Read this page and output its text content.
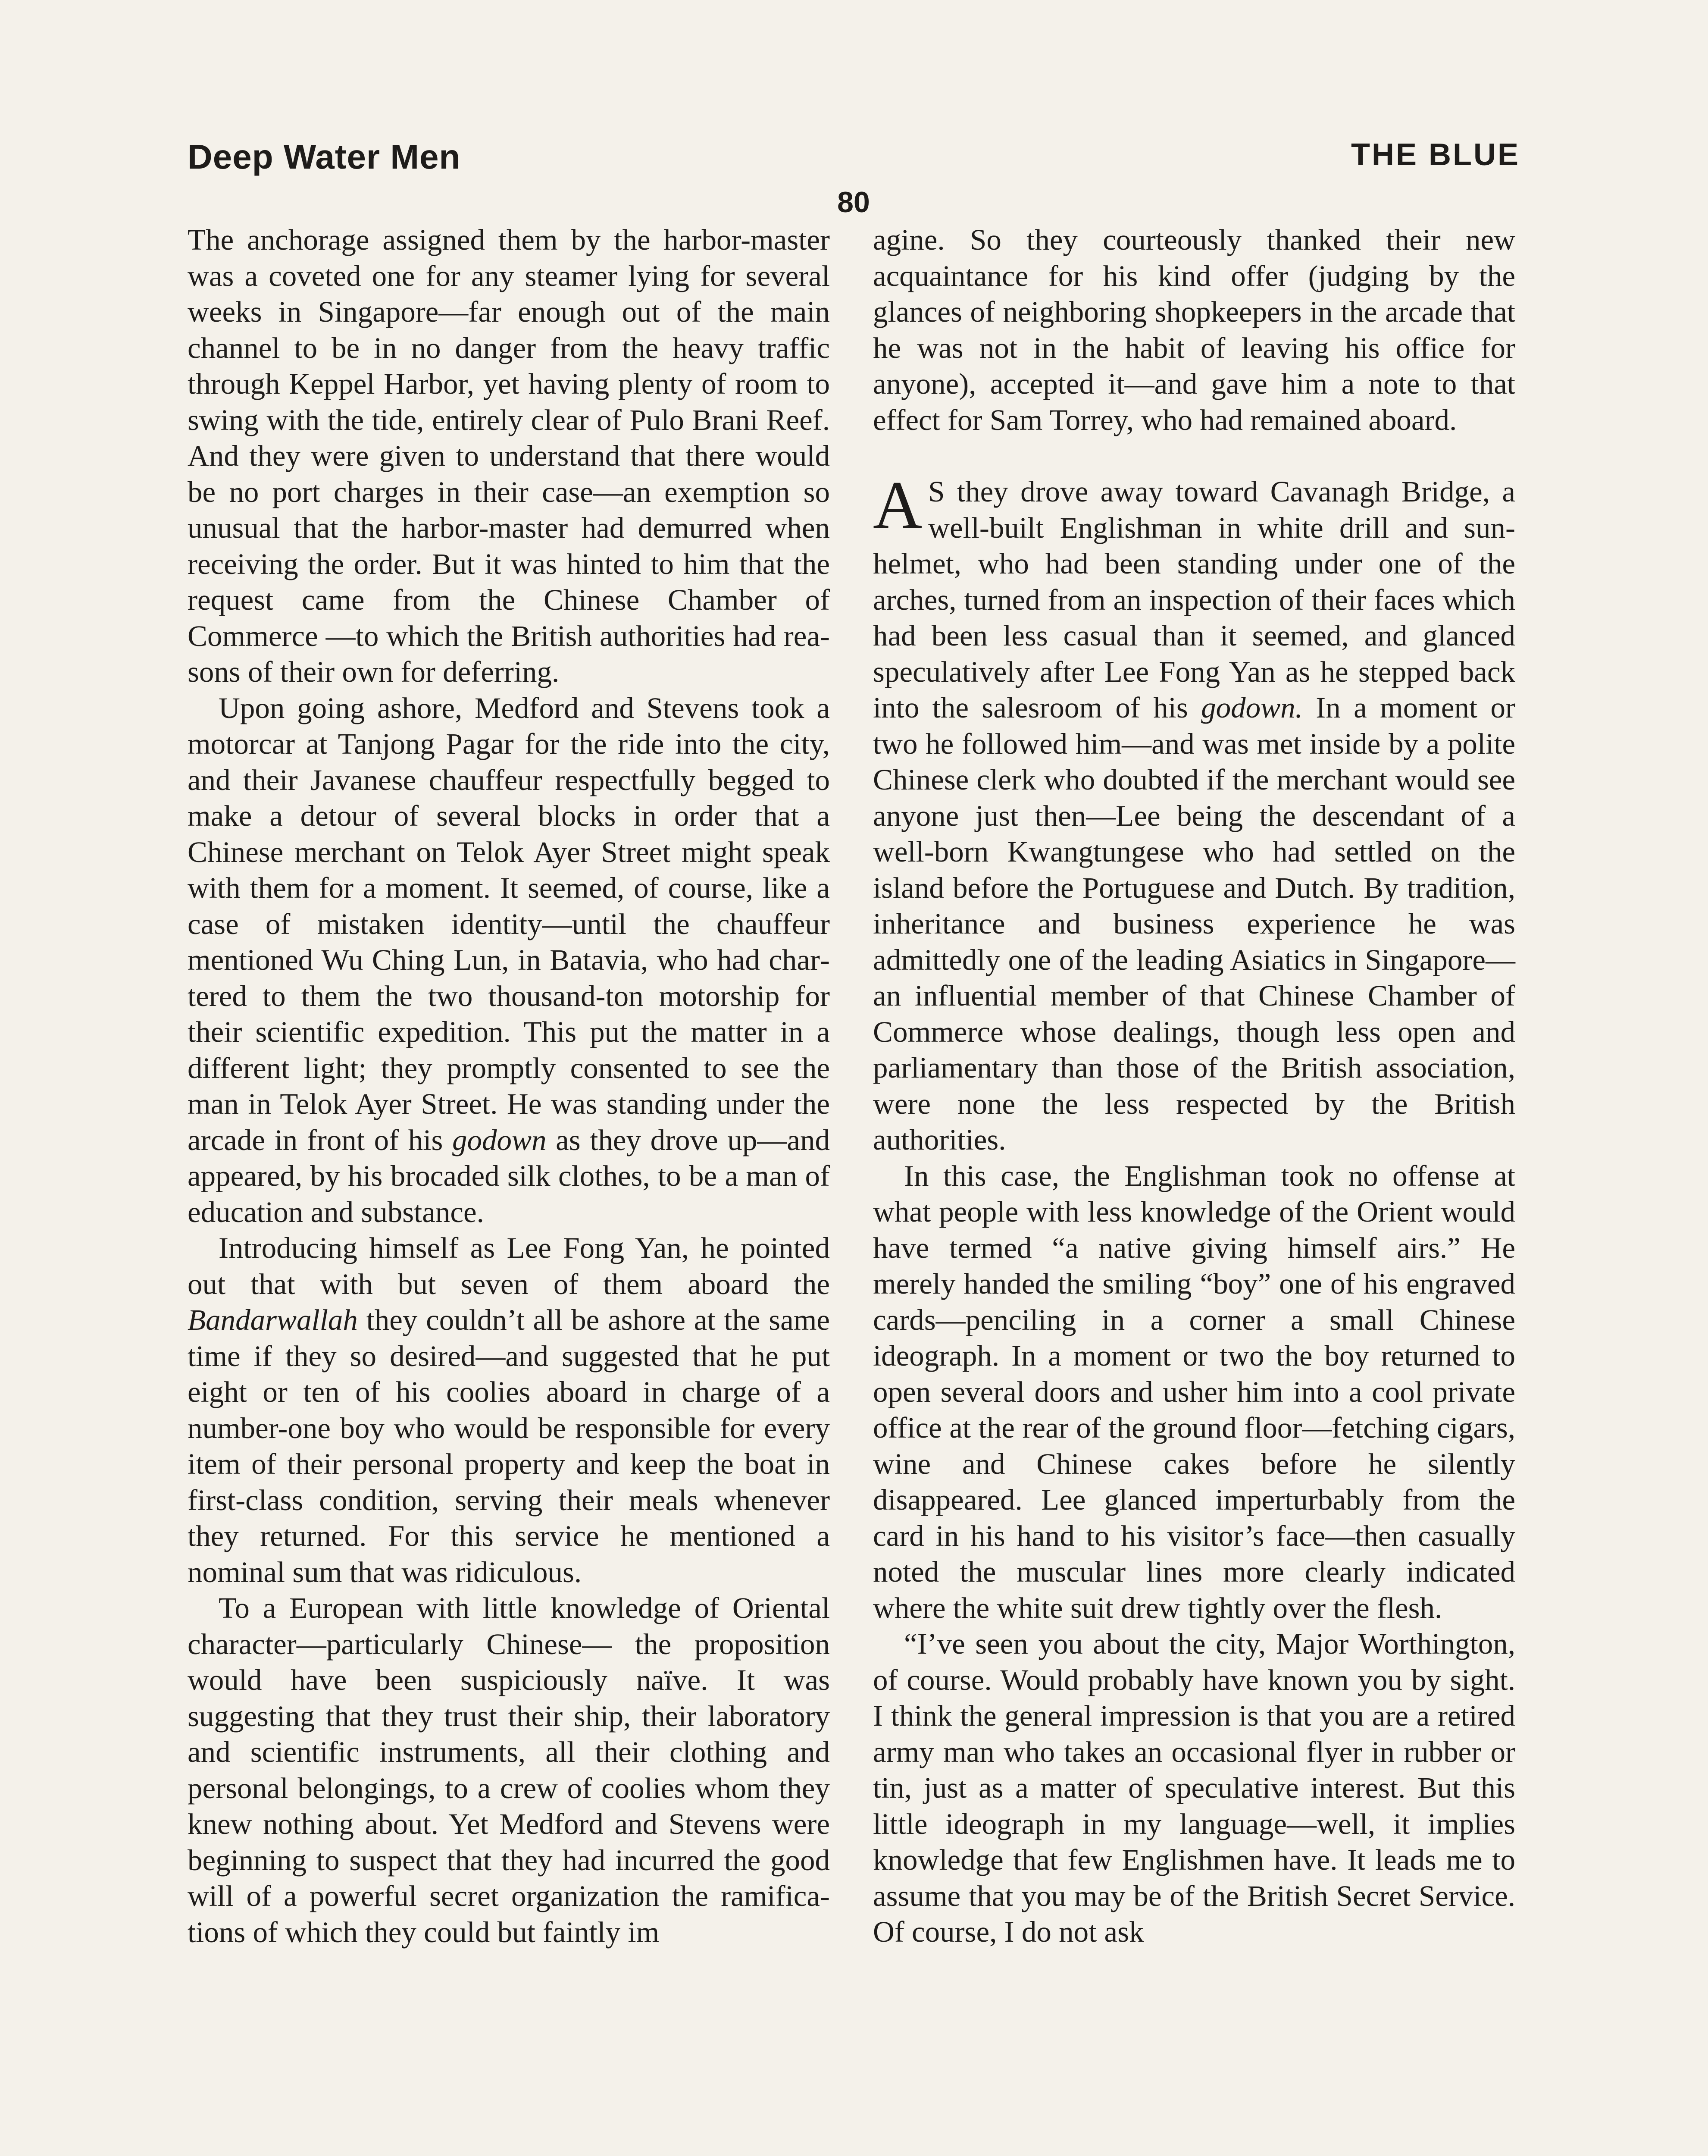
Deep Water Men	THE BLUE
80

The anchorage assigned them by the harbor-master was a coveted one for any steamer lying for several weeks in Singapore—far enough out of the main channel to be in no danger from the heavy traffic through Keppel Harbor, yet having plenty of room to swing with the tide, entirely clear of Pulo Brani Reef. And they were given to understand that there would be no port charges in their case—an exemption so unusual that the harbor-master had demurred when receiving the order. But it was hinted to him that the request came from the Chinese Chamber of Commerce —to which the British authorities had reasons of their own for deferring.

Upon going ashore, Medford and Stevens took a motorcar at Tanjong Pagar for the ride into the city, and their Javanese chauffeur respectfully begged to make a detour of several blocks in order that a Chinese merchant on Telok Ayer Street might speak with them for a moment. It seemed, of course, like a case of mistaken identity—until the chauffeur mentioned Wu Ching Lun, in Batavia, who had chartered to them the two thousand-ton motorship for their scientific expedition. This put the matter in a different light; they promptly consented to see the man in Telok Ayer Street. He was standing under the arcade in front of his godown as they drove up—and appeared, by his brocaded silk clothes, to be a man of education and substance.

Introducing himself as Lee Fong Yan, he pointed out that with but seven of them aboard the Bandarwallah they couldn’t all be ashore at the same time if they so desired—and suggested that he put eight or ten of his coolies aboard in charge of a number-one boy who would be responsible for every item of their personal property and keep the boat in first-class condition, serving their meals whenever they returned. For this service he mentioned a nominal sum that was ridiculous.

To a European with little knowledge of Oriental character—particularly Chinese— the proposition would have been suspiciously naïve. It was suggesting that they trust their ship, their laboratory and scientific instruments, all their clothing and personal belongings, to a crew of coolies whom they knew nothing about. Yet Medford and Stevens were beginning to suspect that they had incurred the good will of a powerful secret organization the ramifications of which they could but faintly im

agine. So they courteously thanked their new acquaintance for his kind offer (judging by the glances of neighboring shopkeepers in the arcade that he was not in the habit of leaving his office for anyone), accepted it—and gave him a note to that effect for Sam Torrey, who had remained aboard.

A S they drove away toward Cavanagh Bridge, a well-built Englishman in white drill and sun-helmet, who had been standing under one of the arches, turned from an inspection of their faces which had been less casual than it seemed, and glanced speculatively after Lee Fong Yan as he stepped back into the salesroom of his godown. In a moment or two he followed him—and was met inside by a polite Chinese clerk who doubted if the merchant would see anyone just then—Lee being the descendant of a well-born Kwangtungese who had settled on the island before the Portuguese and Dutch. By tradition, inheritance and business experience he was admittedly one of the leading Asiatics in Singapore—an influential member of that Chinese Chamber of Commerce whose dealings, though less open and parliamentary than those of the British association, were none the less respected by the British authorities.

In this case, the Englishman took no offense at what people with less knowledge of the Orient would have termed “a native giving himself airs.” He merely handed the smiling “boy” one of his engraved cards—penciling in a corner a small Chinese ideograph. In a moment or two the boy returned to open several doors and usher him into a cool private office at the rear of the ground floor—fetching cigars, wine and Chinese cakes before he silently disappeared. Lee glanced imperturbably from the card in his hand to his visitor’s face—then casually noted the muscular lines more clearly indicated where the white suit drew tightly over the flesh.

“I’ve seen you about the city, Major Worthington, of course. Would probably have known you by sight. I think the general impression is that you are a retired army man who takes an occasional flyer in rubber or tin, just as a matter of speculative interest. But this little ideograph in my language—well, it implies knowledge that few Englishmen have. It leads me to assume that you may be of the British Secret Service. Of course, I do not ask
